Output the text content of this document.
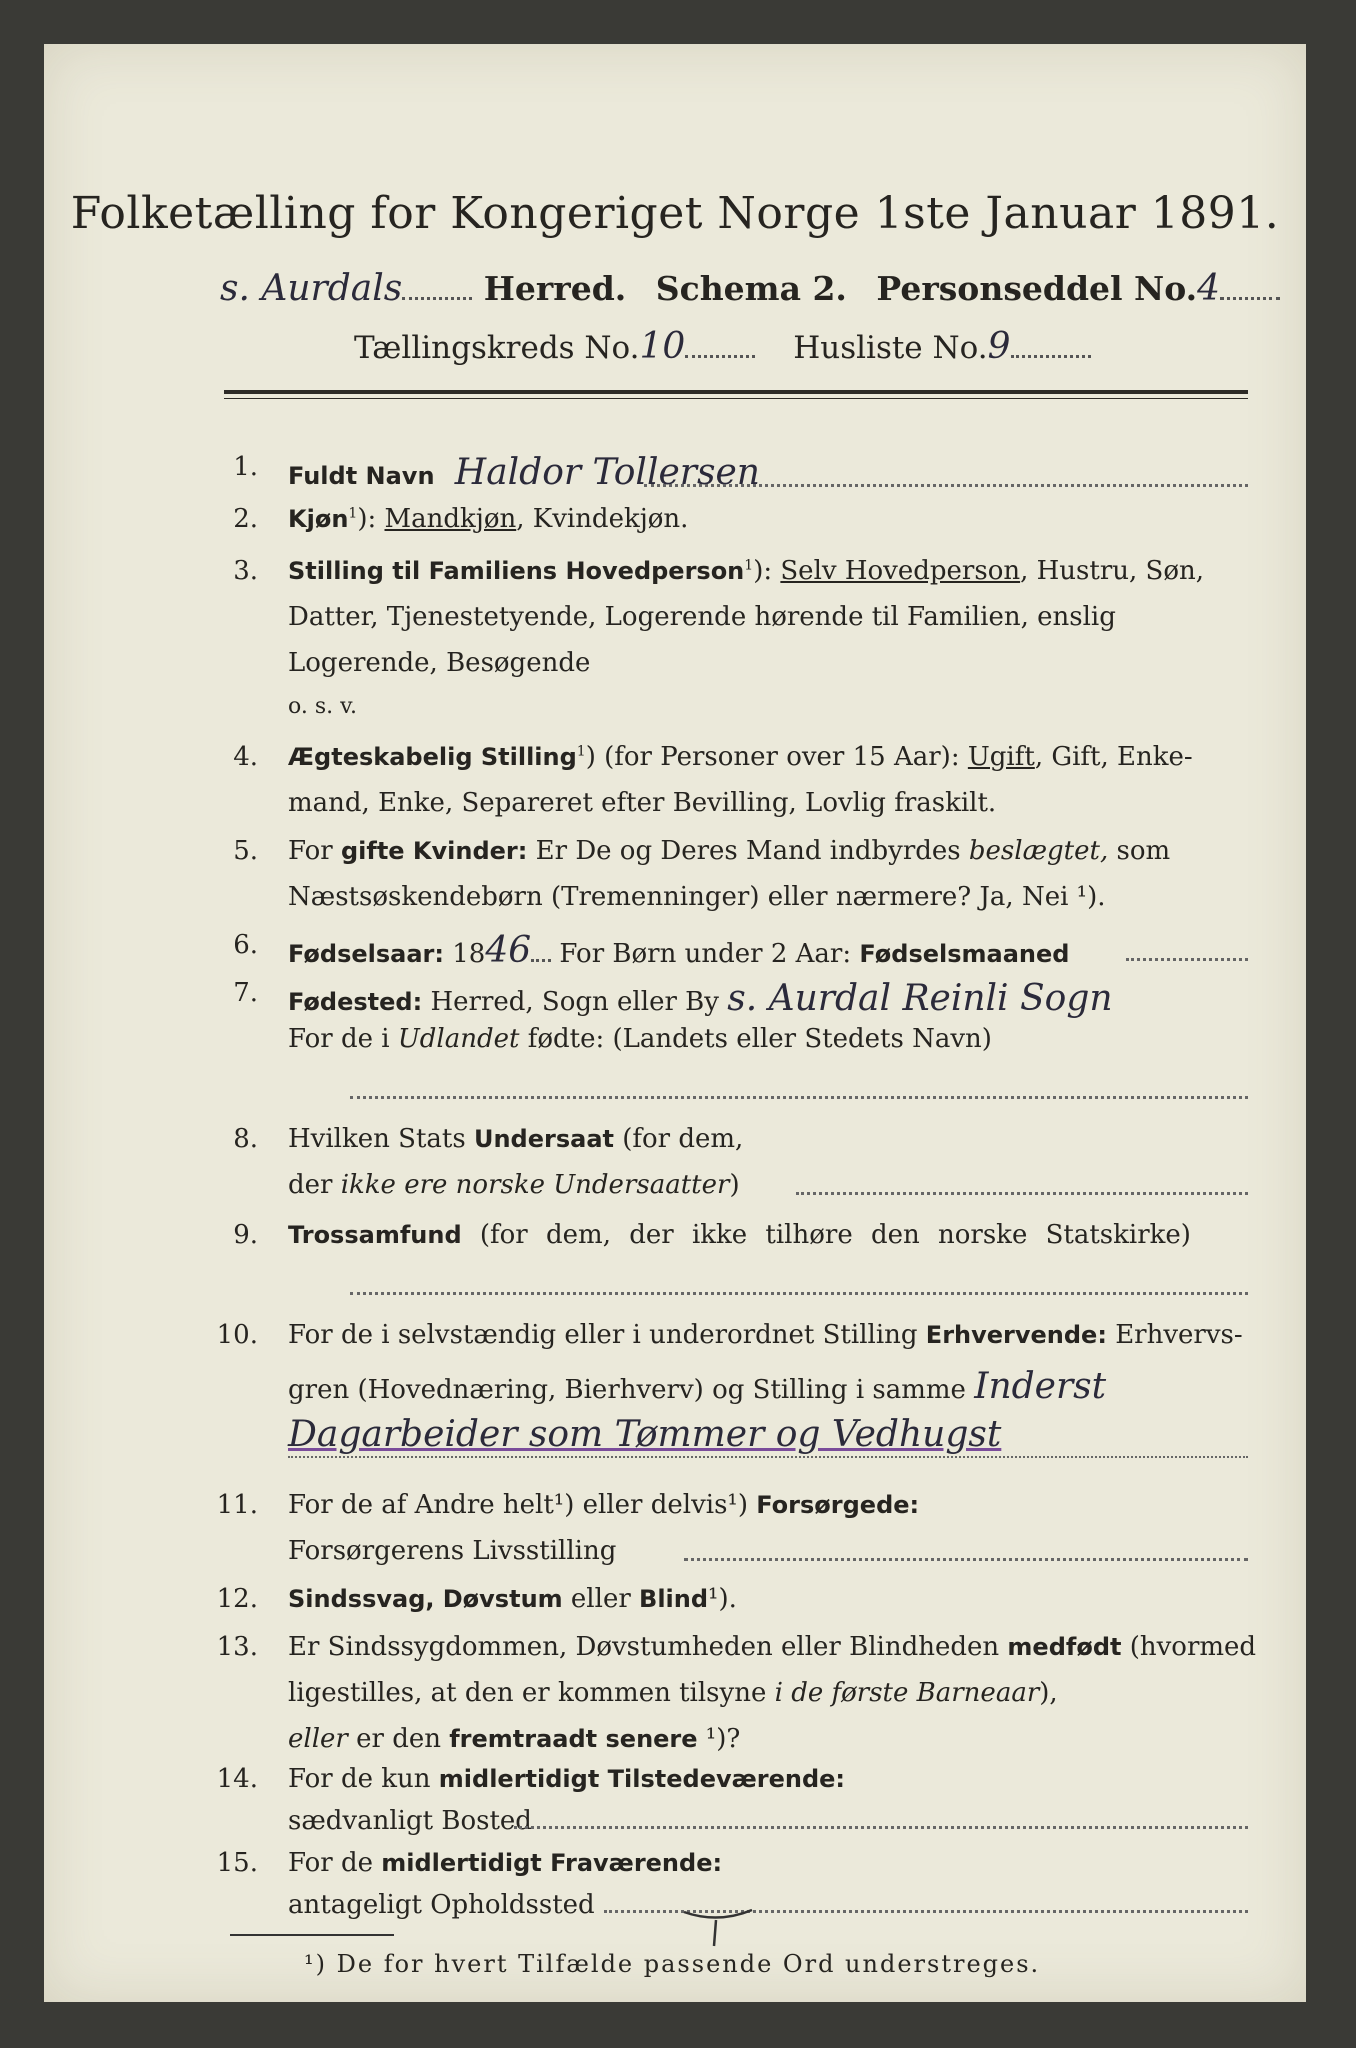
Folketælling for Kongeriget Norge 1ste Januar 1891.
s. Aurdals Herred. Schema 2. Personseddel No.4
Tællingskreds No.10	Husliste No.9
1. Fuldt Navn Haldor Tollersen
2. Kjøn$^1$): Mandkjøn, Kvindekjøn.
3. Stilling til Familiens Hovedperson$^1$): Selv Hovedperson, Hustru, Søn,
Datter, Tjenestetyende, Logerende hørende til Familien, enslig
Logerende, Besøgende
o. s. v.
4. Ægteskabelig Stilling$^1$) (for Personer over 15 Aar): Ugift, Gift, Enke-
mand, Enke, Separeret efter Bevilling, Lovlig fraskilt.
5. For gifte Kvinder: Er De og Deres Mand indbyrdes beslægtet, som
Næstsøskendebørn (Tremenninger) eller nærmere? Ja, Nei ¹).
6. Fødselsaar: 1846 For Børn under 2 Aar: Fødselsmaaned
7. Fødested: Herred, Sogn eller By s. Aurdal Reinli Sogn
For de i Udlandet fødte: (Landets eller Stedets Navn)
8. Hvilken Stats Undersaat (for dem,
der ikke ere norske Undersaatter)
9. Trossamfund (for dem, der ikke tilhøre den norske Statskirke)
10. For de i selvstændig eller i underordnet Stilling Erhvervende: Erhvervs-
gren (Hovednæring, Bierhverv) og Stilling i samme Inderst
Dagarbeider som Tømmer og Vedhugst
11. For de af Andre helt¹) eller delvis¹) Forsørgede:
Forsørgerens Livsstilling
12. Sindssvag, Døvstum eller Blind¹).
13. Er Sindssygdommen, Døvstumheden eller Blindheden medfødt (hvormed
ligestilles, at den er kommen tilsyne i de første Barneaar),
eller er den fremtraadt senere ¹)?
14. For de kun midlertidigt Tilstedeværende:
sædvanligt Bosted
15. For de midlertidigt Fraværende:
antageligt Opholdssted
¹) De for hvert Tilfælde passende Ord understreges.
